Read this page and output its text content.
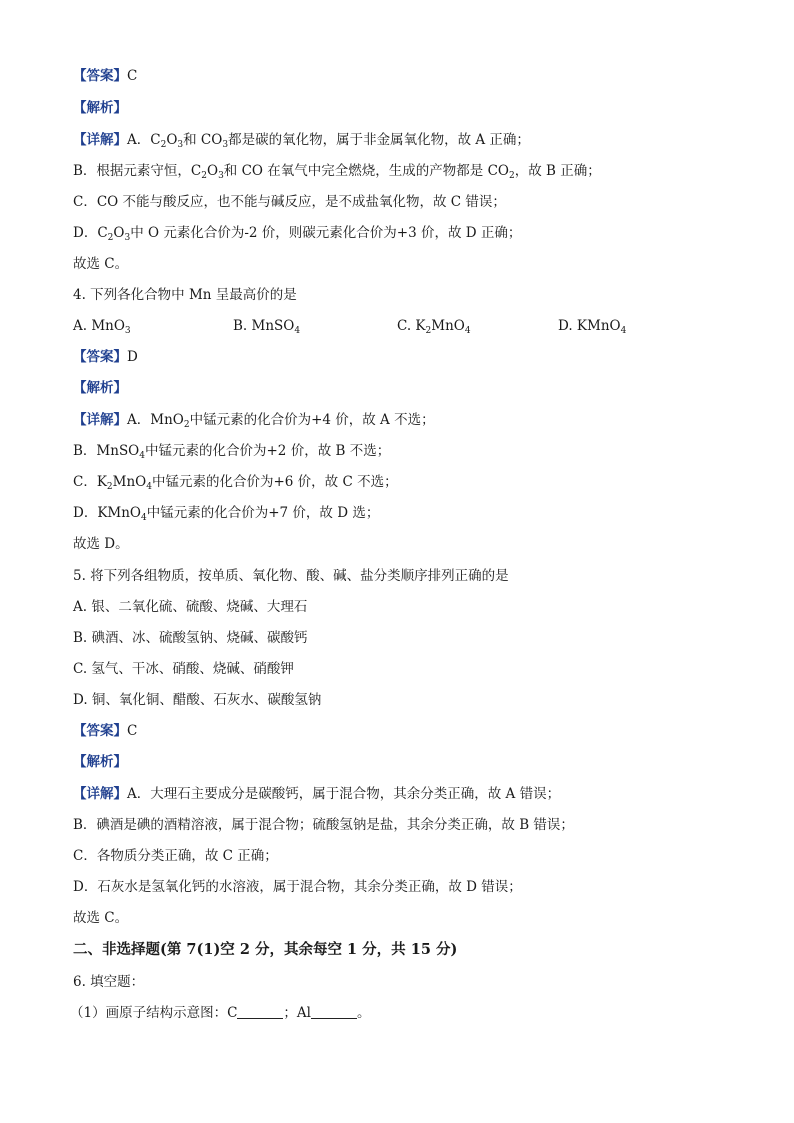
【答案】C
【解析】
【详解】A．$C_2O_3$和 $CO_3$都是碳的氧化物，属于非金属氧化物，故 A 正确；
B．根据元素守恒，$C_2O_3$和 CO 在氧气中完全燃烧，生成的产物都是 $CO_2$，故 B 正确；
C．CO 不能与酸反应，也不能与碱反应，是不成盐氧化物，故 C 错误；
D．$C_2O_3$中 O 元素化合价为-2 价，则碳元素化合价为+3 价，故 D 正确；
故选 C。
4. 下列各化合物中 Mn 呈最高价的是
A. MnO$_3$	B. MnSO$_4$	C. $K_2MnO_4$	D. KMnO$_4$
【答案】D
【解析】
【详解】A．MnO$_2$中锰元素的化合价为+4 价，故 A 不选；
B．MnSO$_4$中锰元素的化合价为+2 价，故 B 不选；
C．$K_2MnO_4$中锰元素的化合价为+6 价，故 C 不选；
D．KMnO$_4$中锰元素的化合价为+7 价，故 D 选；
故选 D。
5. 将下列各组物质，按单质、氧化物、酸、碱、盐分类顺序排列正确的是
A. 银、二氧化硫、硫酸、烧碱、大理石
B. 碘酒、冰、硫酸氢钠、烧碱、碳酸钙
C. 氢气、干冰、硝酸、烧碱、硝酸钾
D. 铜、氧化铜、醋酸、石灰水、碳酸氢钠
【答案】C
【解析】
【详解】A．大理石主要成分是碳酸钙，属于混合物，其余分类正确，故 A 错误；
B．碘酒是碘的酒精溶液，属于混合物；硫酸氢钠是盐，其余分类正确，故 B 错误；
C．各物质分类正确，故 C 正确；
D．石灰水是氢氧化钙的水溶液，属于混合物，其余分类正确，故 D 错误；
故选 C。
二、非选择题(第 7(1)空 2 分，其余每空 1 分，共 15 分)
6. 填空题：
（1）画原子结构示意图：C	；Al	。
